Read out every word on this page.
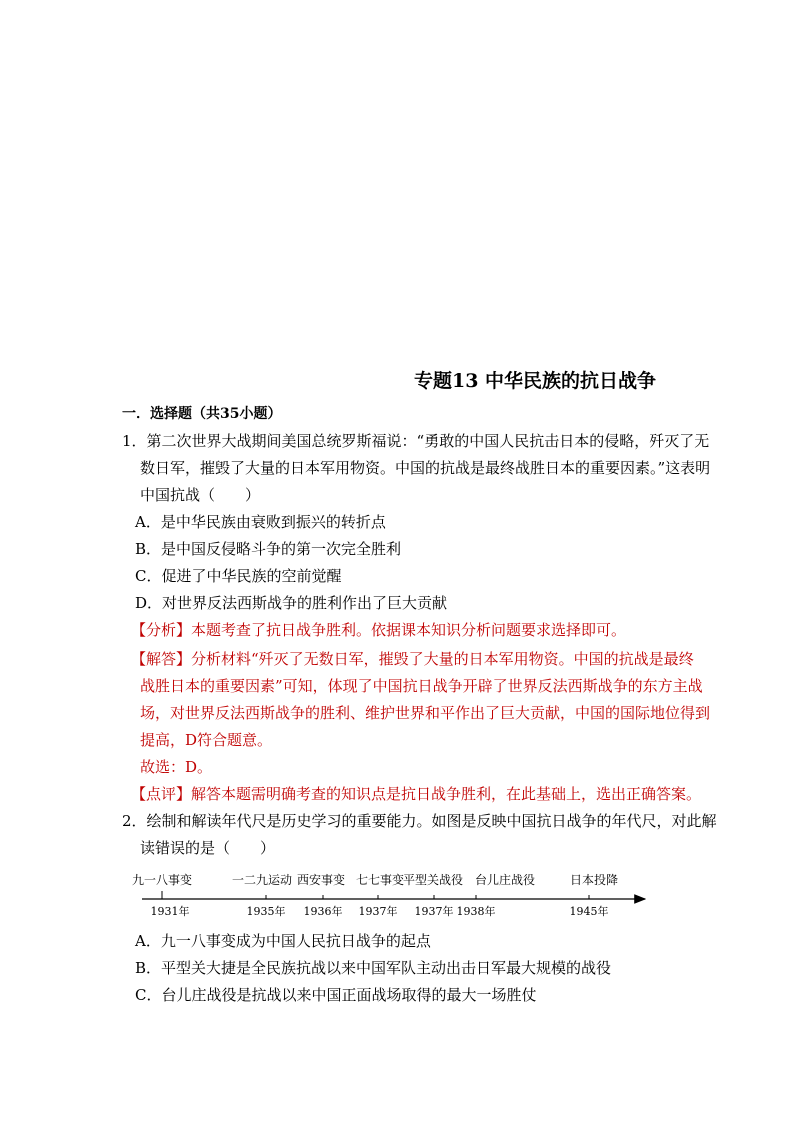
专题13 中华民族的抗日战争
一．选择题（共35小题）
1．第二次世界大战期间美国总统罗斯福说：“勇敢的中国人民抗击日本的侵略，歼灭了无
数日军，摧毁了大量的日本军用物资。中国的抗战是最终战胜日本的重要因素。”这表明
中国抗战（　　）
A．是中华民族由衰败到振兴的转折点
B．是中国反侵略斗争的第一次完全胜利
C．促进了中华民族的空前觉醒
D．对世界反法西斯战争的胜利作出了巨大贡献
【分析】本题考查了抗日战争胜利。依据课本知识分析问题要求选择即可。
【解答】分析材料“歼灭了无数日军，摧毁了大量的日本军用物资。中国的抗战是最终
战胜日本的重要因素”可知，体现了中国抗日战争开辟了世界反法西斯战争的东方主战
场，对世界反法西斯战争的胜利、维护世界和平作出了巨大贡献，中国的国际地位得到
提高，D符合题意。
故选：D。
【点评】解答本题需明确考查的知识点是抗日战争胜利，在此基础上，选出正确答案。
2．绘制和解读年代尺是历史学习的重要能力。如图是反映中国抗日战争的年代尺，对此解
读错误的是（　　）
九一八事变	一二九运动 西安事变 七七事变
平型关战役 台儿庄战役	日本投降
1931年	1935年 1936年 1937年 1937年 1938年	1945年
A．九一八事变成为中国人民抗日战争的起点
B．平型关大捷是全民族抗战以来中国军队主动出击日军最大规模的战役
C．台儿庄战役是抗战以来中国正面战场取得的最大一场胜仗
